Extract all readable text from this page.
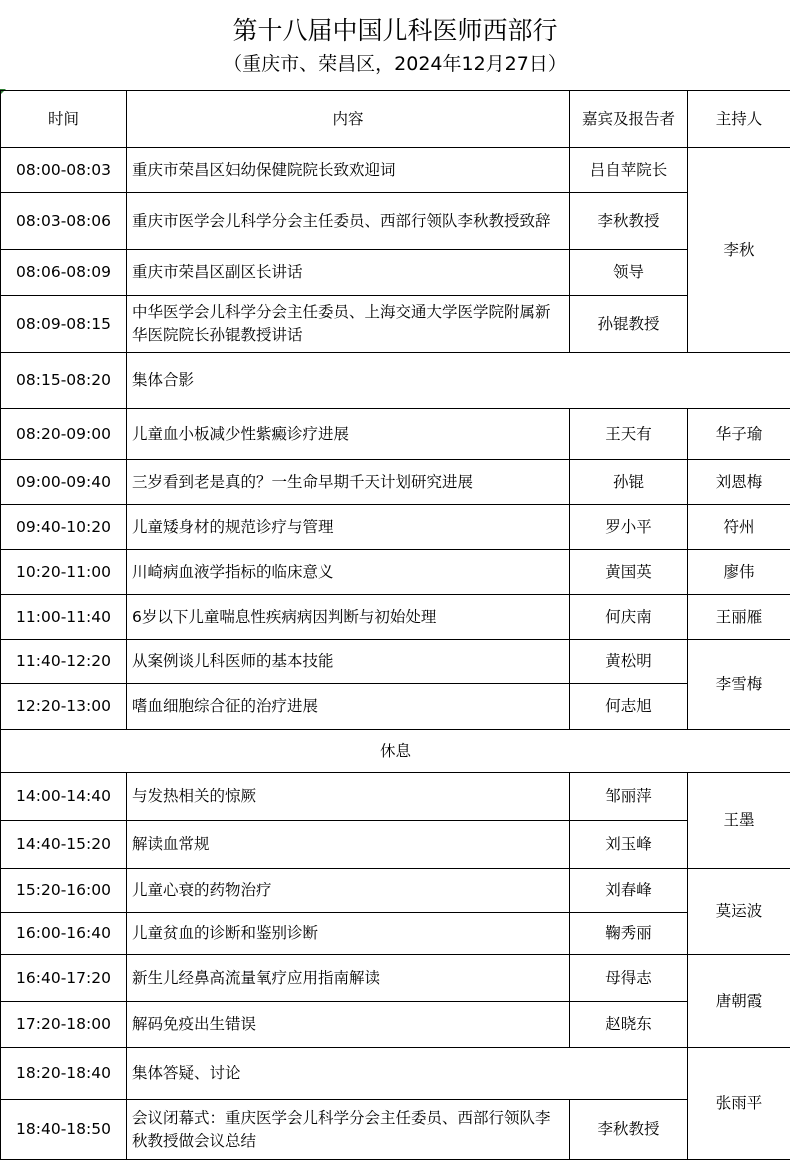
第十八届中国儿科医师西部行
（重庆市、荣昌区，2024年12月27日）
时间	内容	嘉宾及报告者	主持人
08:00-08:03	重庆市荣昌区妇幼保健院院长致欢迎词	吕自苹院长	李秋
08:03-08:06	重庆市医学会儿科学分会主任委员、西部行领队李秋教授致辞	李秋教授	
08:06-08:09	重庆市荣昌区副区长讲话	领导	
08:09-08:15	中华医学会儿科学分会主任委员、上海交通大学医学院附属新华医院院长孙锟教授讲话	孙锟教授	
08:15-08:20	集体合影		
08:20-09:00	儿童血小板减少性紫癜诊疗进展	王天有	华子瑜
09:00-09:40	三岁看到老是真的？一生命早期千天计划研究进展	孙锟	刘恩梅
09:40-10:20	儿童矮身材的规范诊疗与管理	罗小平	符州
10:20-11:00	川崎病血液学指标的临床意义	黄国英	廖伟
11:00-11:40	6岁以下儿童喘息性疾病病因判断与初始处理	何庆南	王丽雁
11:40-12:20	从案例谈儿科医师的基本技能	黄松明	李雪梅
12:20-13:00	嗜血细胞综合征的治疗进展	何志旭	
休息			
14:00-14:40	与发热相关的惊厥	邹丽萍	王墨
14:40-15:20	解读血常规	刘玉峰	
15:20-16:00	儿童心衰的药物治疗	刘春峰	莫运波
16:00-16:40	儿童贫血的诊断和鉴别诊断	鞠秀丽	
16:40-17:20	新生儿经鼻高流量氧疗应用指南解读	母得志	唐朝霞
17:20-18:00	解码免疫出生错误	赵晓东	
18:20-18:40	集体答疑、讨论		张雨平
18:40-18:50	会议闭幕式：重庆医学会儿科学分会主任委员、西部行领队李秋教授做会议总结	李秋教授	
